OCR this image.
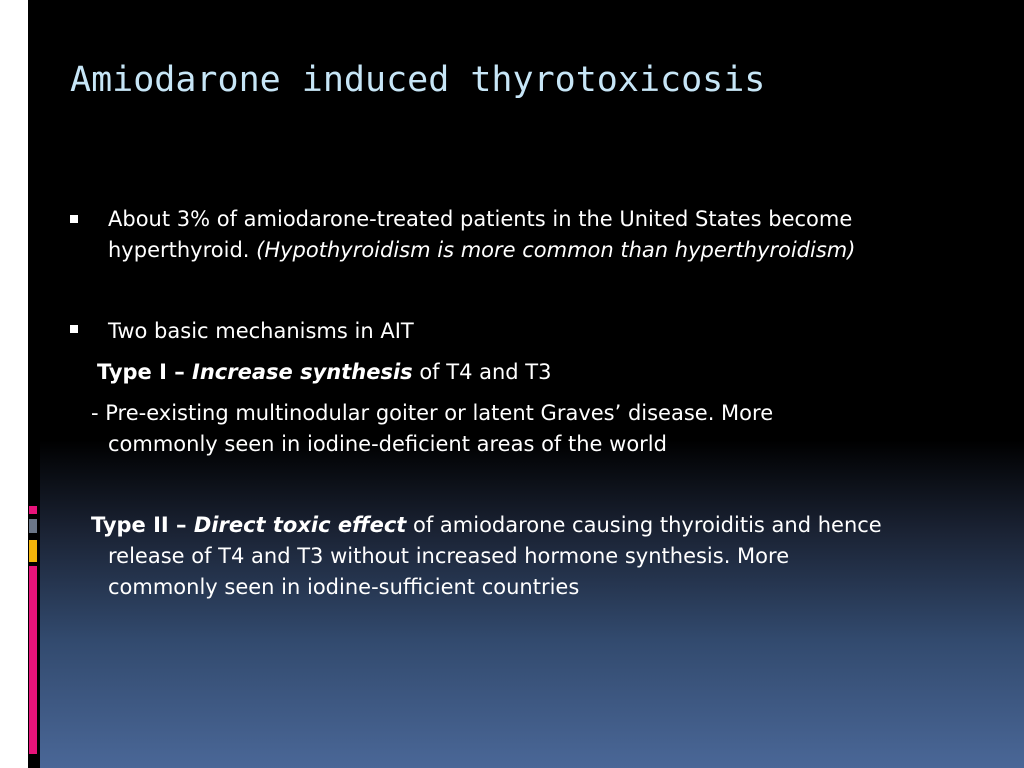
Amiodarone induced thyrotoxicosis
About 3% of amiodarone-treated patients in the United States become
hyperthyroid. (Hypothyroidism is more common than hyperthyroidism)
Two basic mechanisms in AIT
Type I – Increase synthesis of T4 and T3
- Pre-existing multinodular goiter or latent Graves’ disease. More
commonly seen in iodine-deficient areas of the world
Type II – Direct toxic effect of amiodarone causing thyroiditis and hence
release of T4 and T3 without increased hormone synthesis. More
commonly seen in iodine-sufficient countries
